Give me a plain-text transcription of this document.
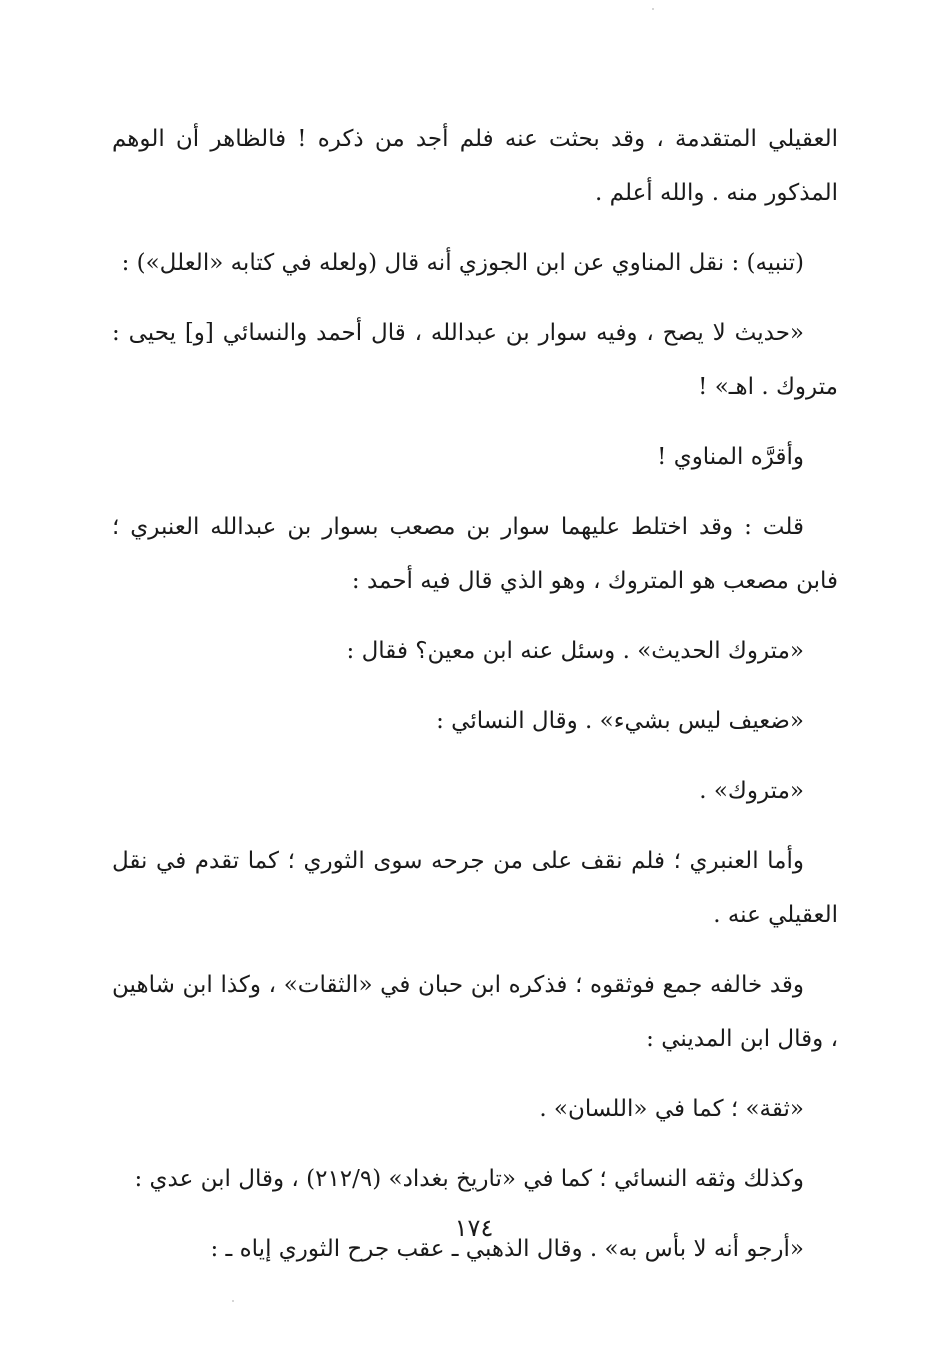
العقيلي المتقدمة ، وقد بحثت عنه فلم أجد من ذكره ! فالظاهر أن الوهم المذكور منه . والله أعلم .

(تنبيه) : نقل المناوي عن ابن الجوزي أنه قال (ولعله في كتابه «العلل») :

«حديث لا يصح ، وفيه سوار بن عبدالله ، قال أحمد والنسائي [و] يحيى : متروك . اهـ» !

وأقرَّه المناوي !

قلت : وقد اختلط عليهما سوار بن مصعب بسوار بن عبدالله العنبري ؛ فابن مصعب هو المتروك ، وهو الذي قال فيه أحمد :

«متروك الحديث» . وسئل عنه ابن معين؟ فقال :

«ضعيف ليس بشيء» . وقال النسائي :

«متروك» .

وأما العنبري ؛ فلم نقف على من جرحه سوى الثوري ؛ كما تقدم في نقل العقيلي عنه .

وقد خالفه جمع فوثقوه ؛ فذكره ابن حبان في «الثقات» ، وكذا ابن شاهين ، وقال ابن المديني :

«ثقة» ؛ كما في «اللسان» .

وكذلك وثقه النسائي ؛ كما في «تاريخ بغداد» (٢١٢/٩) ، وقال ابن عدي :

«أرجو أنه لا بأس به» . وقال الذهبي ـ عقب جرح الثوري إياه ـ :

١٧٤
